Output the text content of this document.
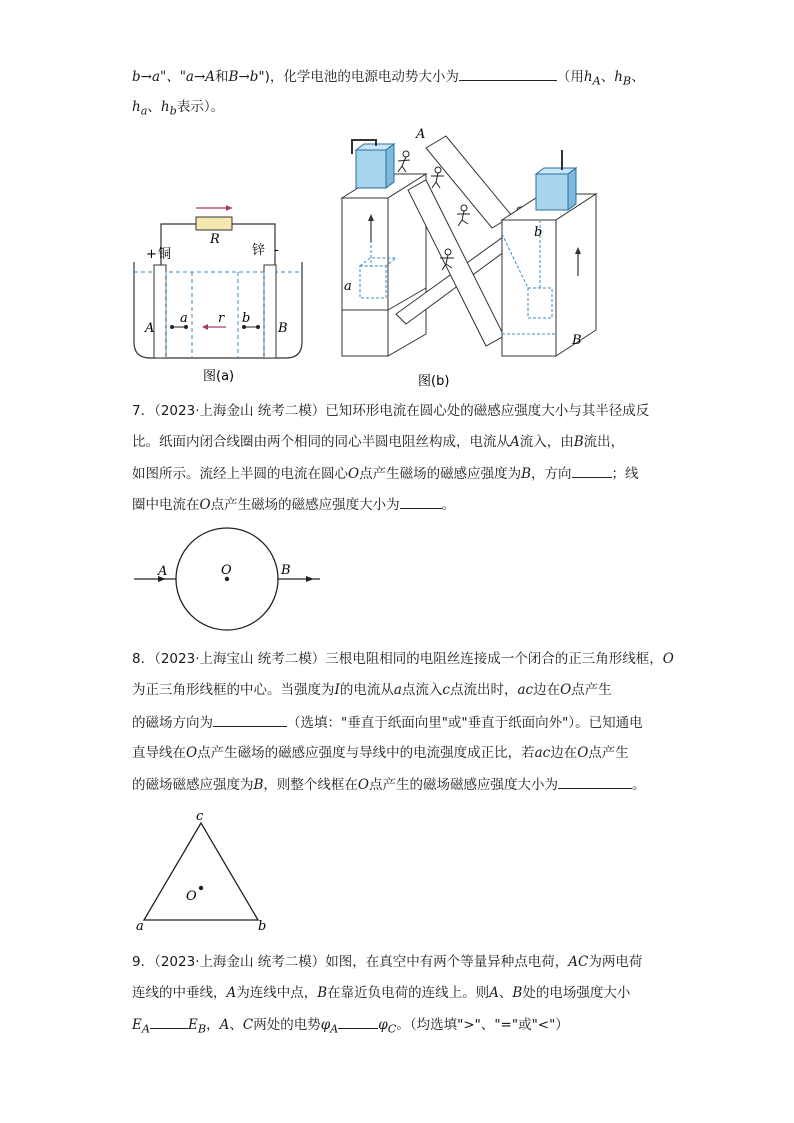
b→a"、"a→A和B→b")，化学电池的电源电动势大小为	（用$h_A$、$h_B$、
$h_a$、$h_b$表示）。
R
+ 铜	锌 -
A
a r b
B
图(a)
a
A
b
B
图(b)
7．（2023·上海金山 统考二模）已知环形电流在圆心处的磁感应强度大小与其半径成反
比。纸面内闭合线圈由两个相同的同心半圆电阻丝构成，电流从A流入，由B流出，
如图所示。流经上半圆的电流在圆心O点产生磁场的磁感应强度为B，方向	；线
圈中电流在O点产生磁场的磁感应强度大小为	。
A	O	B
8．（2023·上海宝山 统考二模）三根电阻相同的电阻丝连接成一个闭合的正三角形线框，O
为正三角形线框的中心。当强度为I的电流从a点流入c点流出时，ac边在O点产生
的磁场方向为	（选填："垂直于纸面向里"或"垂直于纸面向外"）。已知通电
直导线在O点产生磁场的磁感应强度与导线中的电流强度成正比，若ac边在O点产生
的磁场磁感应强度为B，则整个线框在O点产生的磁场磁感应强度大小为	。
c
a	b
O
9．（2023·上海金山 统考二模）如图，在真空中有两个等量异种点电荷，AC为两电荷
连线的中垂线，A为连线中点，B在靠近负电荷的连线上。则A、B处的电场强度大小
$E_A$	$E_B$，A、C两处的电势$\varphi_A$	$\varphi_C$。（均选填">"、"="或"<"）
